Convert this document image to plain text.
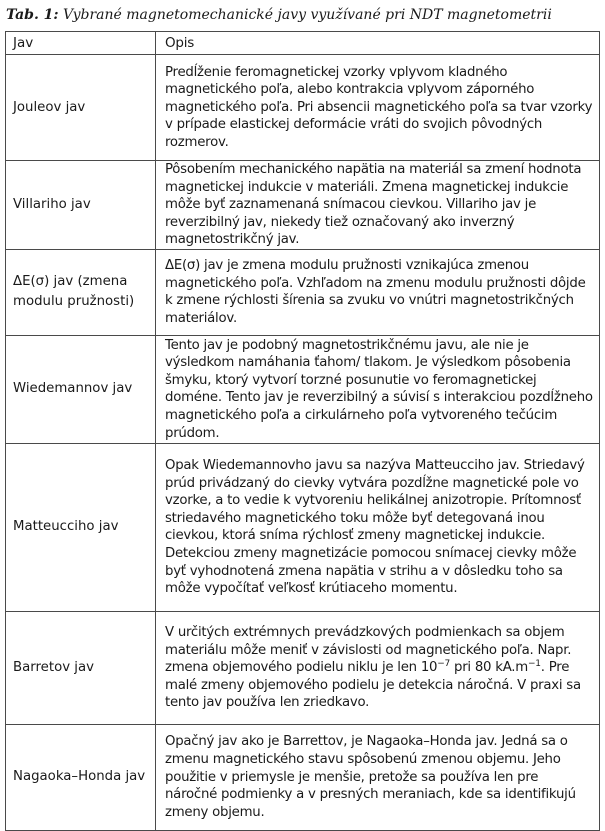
Tab. 1: Vybrané magnetomechanické javy využívané pri NDT magnetometrii
Jav	Opis
Jouleov jav	Predĺženie feromagnetickej vzorky vplyvom kladného magnetického poľa, alebo kontrakcia vplyvom záporného magnetického poľa. Pri absencii magnetického poľa sa tvar vzorky v prípade elastickej deformácie vráti do svojich pôvodných rozmerov.
Villariho jav	Pôsobením mechanického napätia na materiál sa zmení hodnota magnetickej indukcie v materiáli. Zmena magnetickej indukcie môže byť zaznamenaná snímacou cievkou. Villariho jav je reverzibilný jav, niekedy tiež označovaný ako inverzný magnetostrikčný jav.
ΔE(σ) jav (zmena modulu pružnosti)	ΔE(σ) jav je zmena modulu pružnosti vznikajúca zmenou magnetického poľa. Vzhľadom na zmenu modulu pružnosti dôjde k zmene rýchlosti šírenia sa zvuku vo vnútri magnetostrikčných materiálov.
Wiedemannov jav	Tento jav je podobný magnetostrikčnému javu, ale nie je výsledkom namáhania ťahom/ tlakom. Je výsledkom pôsobenia šmyku, ktorý vytvorí torzné posunutie vo feromagnetickej doméne. Tento jav je reverzibilný a súvisí s interakciou pozdĺžneho magnetického poľa a cirkulárneho poľa vytvoreného tečúcim prúdom.
Matteucciho jav	Opak Wiedemannovho javu sa nazýva Matteucciho jav. Striedavý prúd privádzaný do cievky vytvára pozdĺžne magnetické pole vo vzorke, a to vedie k vytvoreniu helikálnej anizotropie. Prítomnosť striedavého magnetického toku môže byť detegovaná inou cievkou, ktorá sníma rýchlosť zmeny magnetickej indukcie. Detekciou zmeny magnetizácie pomocou snímacej cievky môže byť vyhodnotená zmena napätia v strihu a v dôsledku toho sa môže vypočítať veľkosť krútiaceho momentu.
Barretov jav	V určitých extrémnych prevádzkových podmienkach sa objem materiálu môže meniť v závislosti od magnetického poľa. Napr. zmena objemového podielu niklu je len $10^{-7}$ pri 80 $kA.m^{-1}$. Pre malé zmeny objemového podielu je detekcia náročná. V praxi sa tento jav používa len zriedkavo.
Nagaoka–Honda jav	Opačný jav ako je Barrettov, je Nagaoka–Honda jav. Jedná sa o zmenu magnetického stavu spôsobenú zmenou objemu. Jeho použitie v priemysle je menšie, pretože sa používa len pre náročné podmienky a v presných meraniach, kde sa identifikujú zmeny objemu.
